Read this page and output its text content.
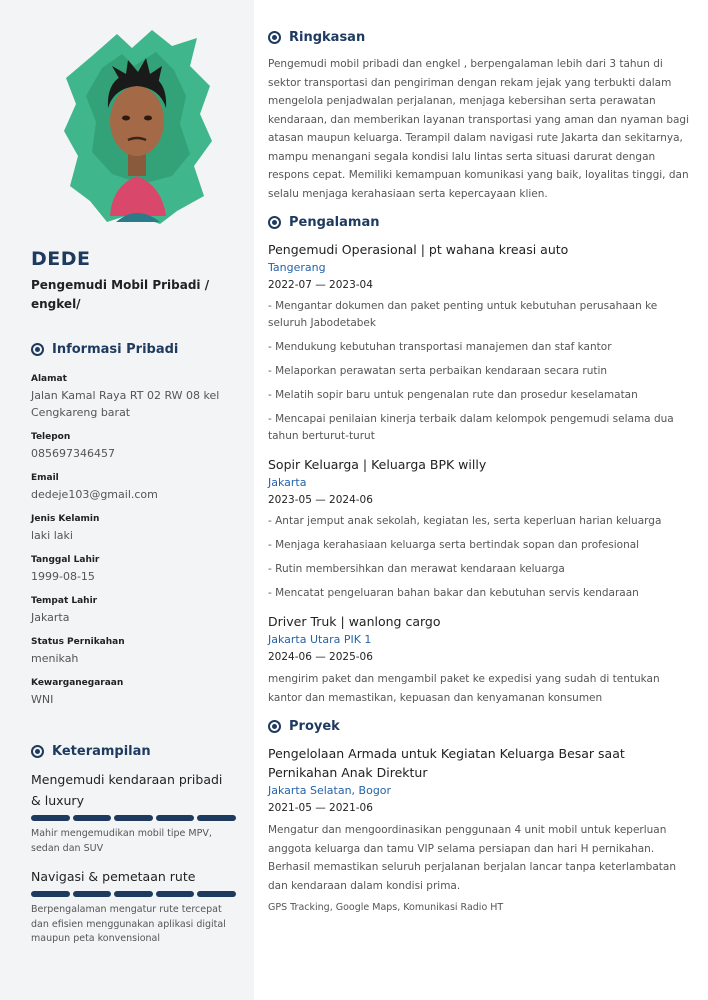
DEDE
Pengemudi Mobil Pribadi / engkel/
Informasi Pribadi
Alamat
Jalan Kamal Raya RT 02 RW 08 kel Cengkareng barat
Telepon
085697346457
Email
dedeje103@gmail.com
Jenis Kelamin
laki laki
Tanggal Lahir
1999-08-15
Tempat Lahir
Jakarta
Status Pernikahan
menikah
Kewarganegaraan
WNI
Keterampilan
Mengemudi kendaraan pribadi & luxury
Mahir mengemudikan mobil tipe MPV, sedan dan SUV
Navigasi & pemetaan rute
Berpengalaman mengatur rute tercepat dan efisien menggunakan aplikasi digital maupun peta konvensional
Ringkasan
Pengemudi mobil pribadi dan engkel , berpengalaman lebih dari 3 tahun di sektor transportasi dan pengiriman dengan rekam jejak yang terbukti dalam mengelola penjadwalan perjalanan, menjaga kebersihan serta perawatan kendaraan, dan memberikan layanan transportasi yang aman dan nyaman bagi atasan maupun keluarga. Terampil dalam navigasi rute Jakarta dan sekitarnya, mampu menangani segala kondisi lalu lintas serta situasi darurat dengan respons cepat. Memiliki kemampuan komunikasi yang baik, loyalitas tinggi, dan selalu menjaga kerahasiaan serta kepercayaan klien.
Pengalaman
Pengemudi Operasional | pt wahana kreasi auto
Tangerang
2022-07 — 2023-04
- Mengantar dokumen dan paket penting untuk kebutuhan perusahaan ke seluruh Jabodetabek
- Mendukung kebutuhan transportasi manajemen dan staf kantor
- Melaporkan perawatan serta perbaikan kendaraan secara rutin
- Melatih sopir baru untuk pengenalan rute dan prosedur keselamatan
- Mencapai penilaian kinerja terbaik dalam kelompok pengemudi selama dua tahun berturut-turut
Sopir Keluarga | Keluarga BPK willy
Jakarta
2023-05 — 2024-06
- Antar jemput anak sekolah, kegiatan les, serta keperluan harian keluarga
- Menjaga kerahasiaan keluarga serta bertindak sopan dan profesional
- Rutin membersihkan dan merawat kendaraan keluarga
- Mencatat pengeluaran bahan bakar dan kebutuhan servis kendaraan
Driver Truk | wanlong cargo
Jakarta Utara PIK 1
2024-06 — 2025-06
mengirim paket dan mengambil paket ke expedisi yang sudah di tentukan kantor dan memastikan, kepuasan dan kenyamanan konsumen
Proyek
Pengelolaan Armada untuk Kegiatan Keluarga Besar saat Pernikahan Anak Direktur
Jakarta Selatan, Bogor
2021-05 — 2021-06
Mengatur dan mengoordinasikan penggunaan 4 unit mobil untuk keperluan anggota keluarga dan tamu VIP selama persiapan dan hari H pernikahan. Berhasil memastikan seluruh perjalanan berjalan lancar tanpa keterlambatan dan kendaraan dalam kondisi prima.
GPS Tracking, Google Maps, Komunikasi Radio HT
